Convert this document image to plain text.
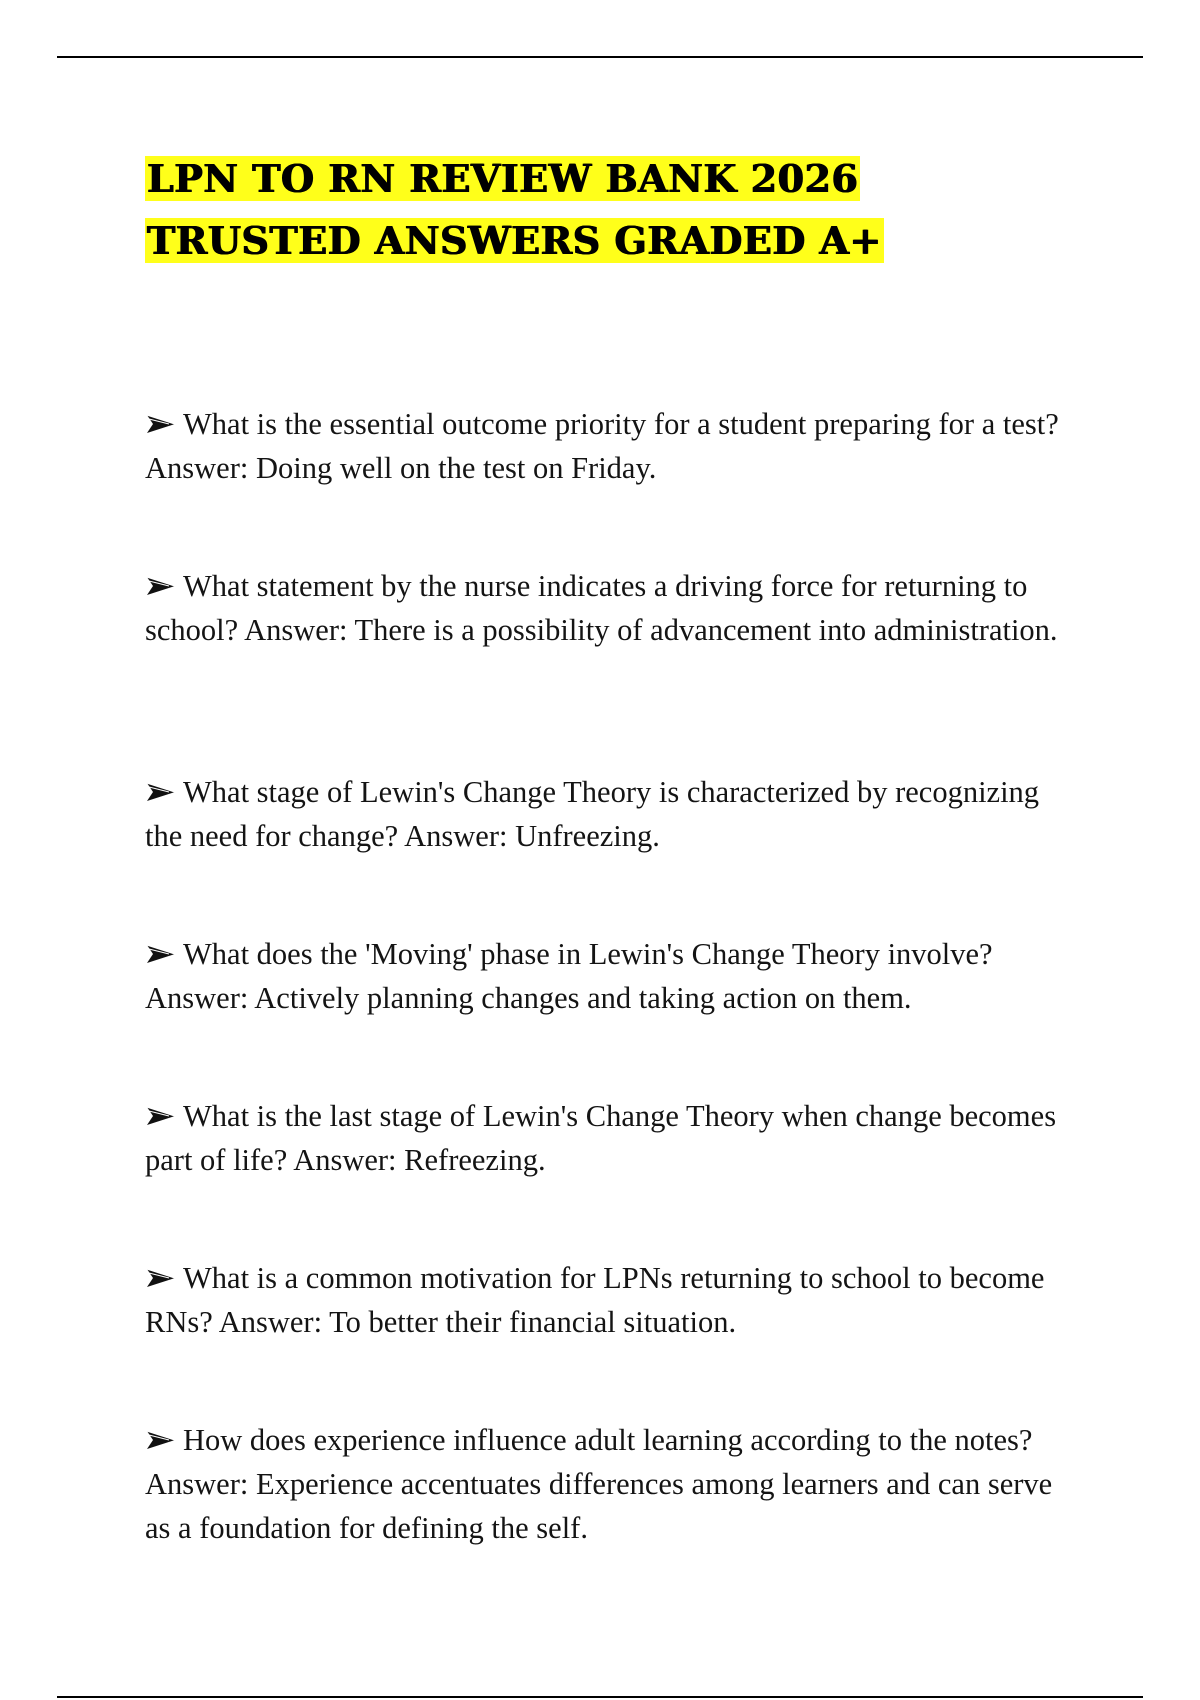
LPN TO RN REVIEW BANK 2026 TRUSTED ANSWERS GRADED A+

What is the essential outcome priority for a student preparing for a test? Answer: Doing well on the test on Friday.

What statement by the nurse indicates a driving force for returning to school? Answer: There is a possibility of advancement into administration.

What stage of Lewin's Change Theory is characterized by recognizing the need for change? Answer: Unfreezing.

What does the 'Moving' phase in Lewin's Change Theory involve? Answer: Actively planning changes and taking action on them.

What is the last stage of Lewin's Change Theory when change becomes part of life? Answer: Refreezing.

What is a common motivation for LPNs returning to school to become RNs? Answer: To better their financial situation.

How does experience influence adult learning according to the notes? Answer: Experience accentuates differences among learners and can serve as a foundation for defining the self.
